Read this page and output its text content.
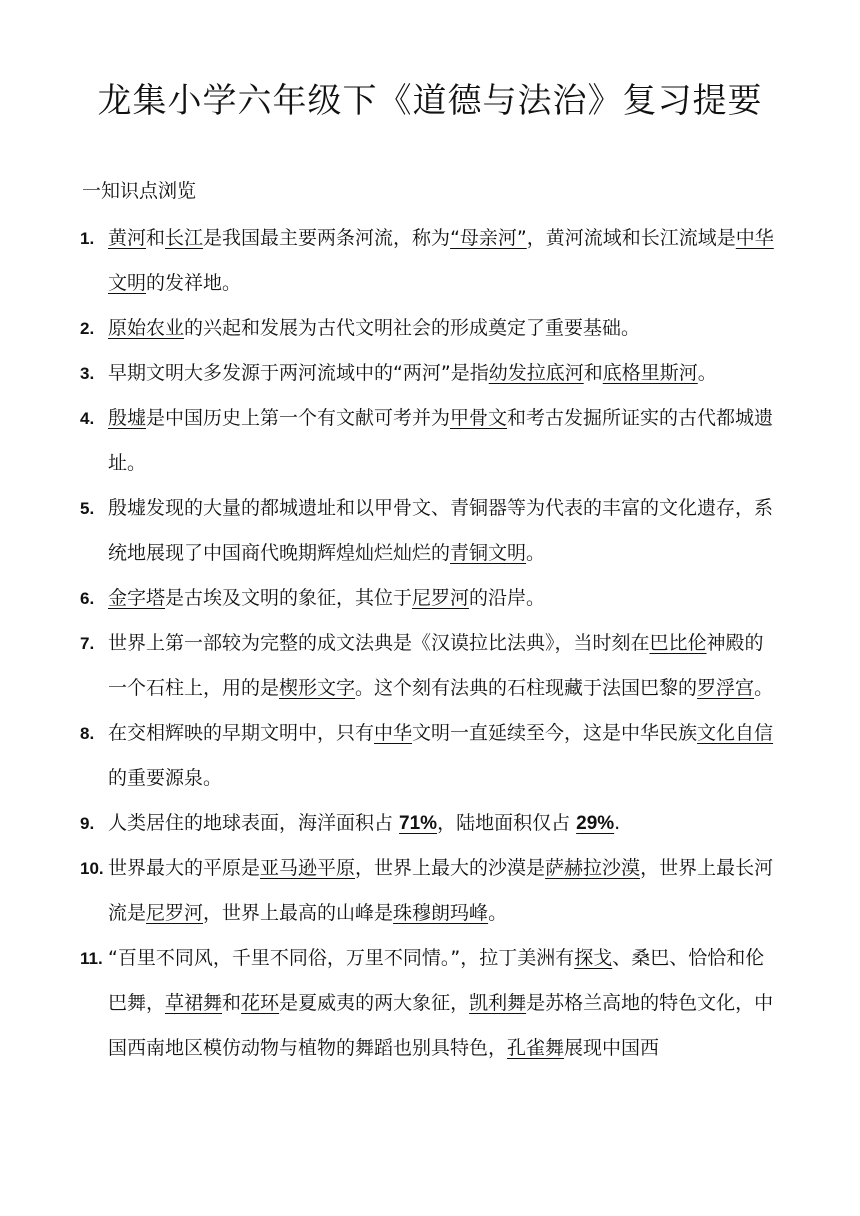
龙集小学六年级下《道德与法治》复习提要
一知识点浏览
1. 黄河和长江是我国最主要两条河流，称为“母亲河”，黄河流域和长江流域是中华文明的发祥地。
2. 原始农业的兴起和发展为古代文明社会的形成奠定了重要基础。
3. 早期文明大多发源于两河流域中的“两河”是指幼发拉底河和底格里斯河。
4. 殷墟是中国历史上第一个有文献可考并为甲骨文和考古发掘所证实的古代都城遗址。
5. 殷墟发现的大量的都城遗址和以甲骨文、青铜器等为代表的丰富的文化遗存，系统地展现了中国商代晚期辉煌灿烂灿烂的青铜文明。
6. 金字塔是古埃及文明的象征，其位于尼罗河的沿岸。
7. 世界上第一部较为完整的成文法典是《汉谟拉比法典》，当时刻在巴比伦神殿的一个石柱上，用的是楔形文字。这个刻有法典的石柱现藏于法国巴黎的罗浮宫。
8. 在交相辉映的早期文明中，只有中华文明一直延续至今，这是中华民族文化自信的重要源泉。
9. 人类居住的地球表面，海洋面积占 71%，陆地面积仅占 29%.
10. 世界最大的平原是亚马逊平原，世界上最大的沙漠是萨赫拉沙漠，世界上最长河流是尼罗河，世界上最高的山峰是珠穆朗玛峰。
11. “百里不同风，千里不同俗，万里不同情。”，拉丁美洲有探戈、桑巴、恰恰和伦巴舞，草裙舞和花环是夏威夷的两大象征，凯利舞是苏格兰高地的特色文化，中国西南地区模仿动物与植物的舞蹈也别具特色，孔雀舞展现中国西
